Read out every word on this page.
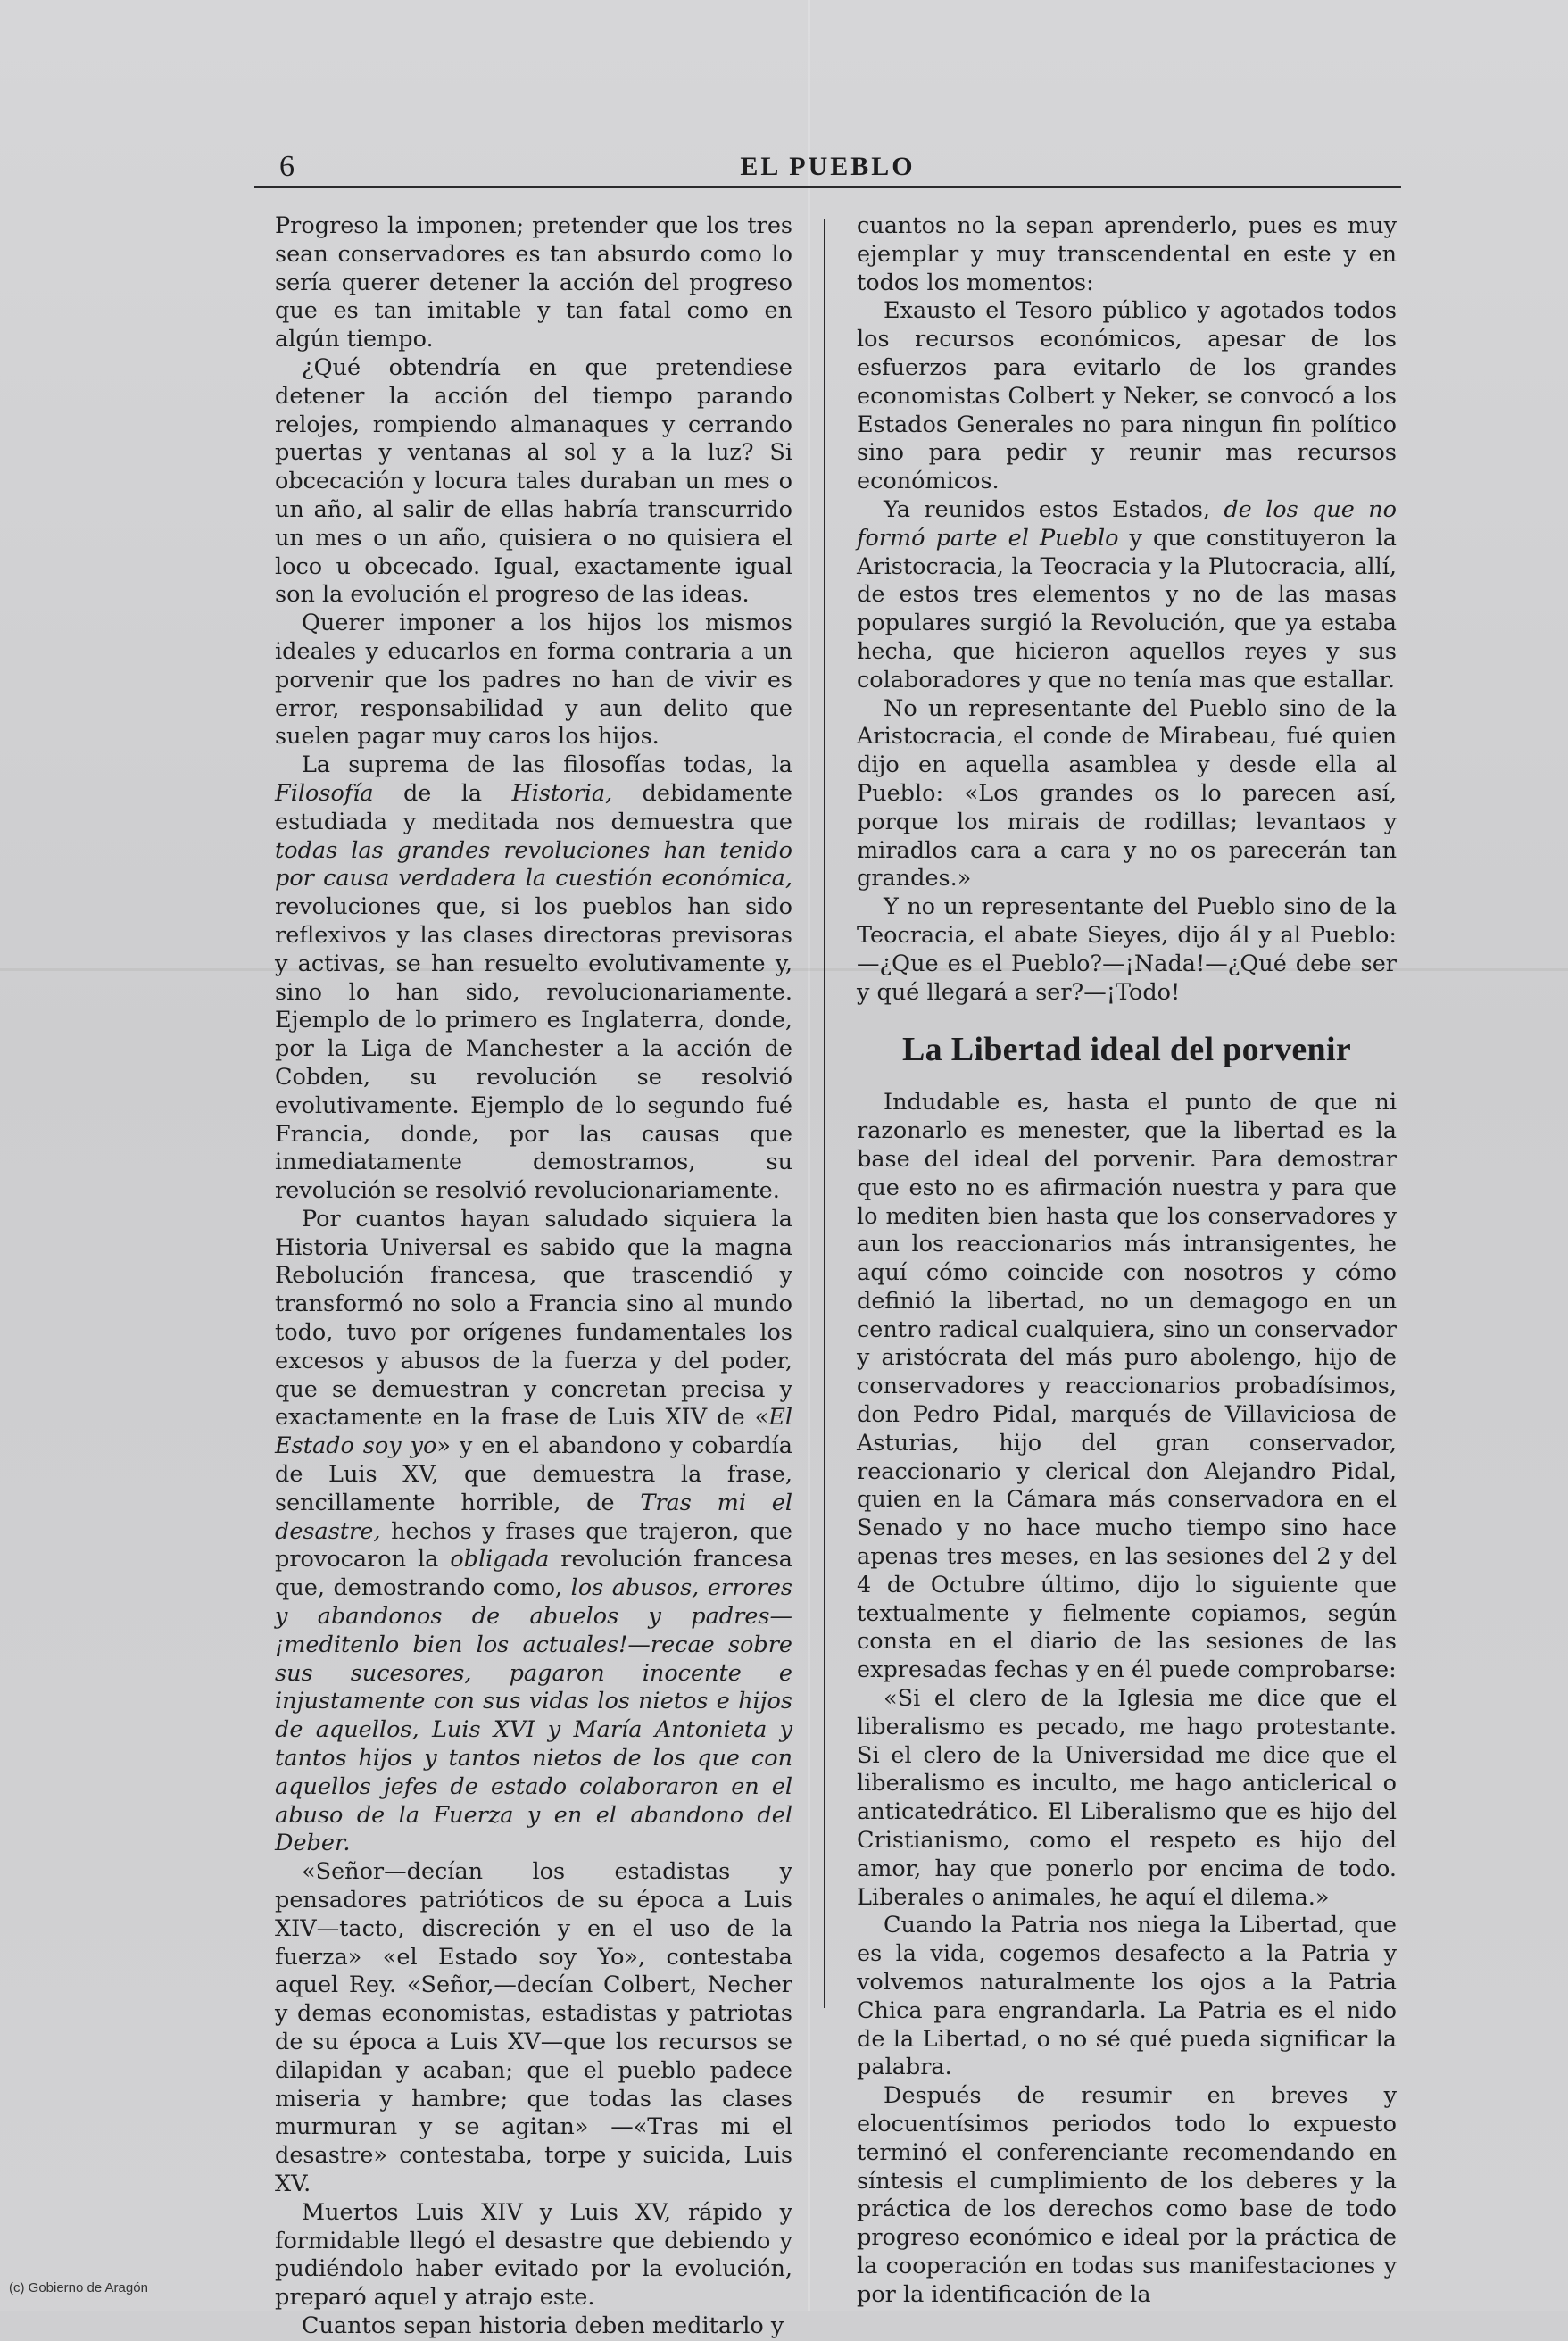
6	EL PUEBLO

Progreso la imponen; pretender que los tres sean conservadores es tan absurdo como lo sería querer detener la acción del progreso que es tan imitable y tan fatal como en algún tiempo.

¿Qué obtendría en que pretendiese detener la acción del tiempo parando relojes, rompiendo almanaques y cerrando puertas y ventanas al sol y a la luz? Si obcecación y locura tales duraban un mes o un año, al salir de ellas habría transcurrido un mes o un año, quisiera o no quisiera el loco u obcecado. Igual, exactamente igual son la evolución el progreso de las ideas.

Querer imponer a los hijos los mismos ideales y educarlos en forma contraria a un porvenir que los padres no han de vivir es error, responsabilidad y aun delito que suelen pagar muy caros los hijos.

La suprema de las filosofías todas, la Filosofía de la Historia, debidamente estudiada y meditada nos demuestra que todas las grandes revoluciones han tenido por causa verdadera la cuestión económica, revoluciones que, si los pueblos han sido reflexivos y las clases directoras previsoras y activas, se han resuelto evolutivamente y, sino lo han sido, revolucionariamente. Ejemplo de lo primero es Inglaterra, donde, por la Liga de Manchester a la acción de Cobden, su revolución se resolvió evolutivamente. Ejemplo de lo segundo fué Francia, donde, por las causas que inmediatamente demostramos, su revolución se resolvió revolucionariamente.

Por cuantos hayan saludado siquiera la Historia Universal es sabido que la magna Rebolución francesa, que trascendió y transformó no solo a Francia sino al mundo todo, tuvo por orígenes fundamentales los excesos y abusos de la fuerza y del poder, que se demuestran y concretan precisa y exactamente en la frase de Luis XIV de «El Estado soy yo» y en el abandono y cobardía de Luis XV, que demuestra la frase, sencillamente horrible, de Tras mi el desastre, hechos y frases que trajeron, que provocaron la obligada revolución francesa que, demostrando como, los abusos, errores y abandonos de abuelos y padres—¡meditenlo bien los actuales!—recae sobre sus sucesores, pagaron inocente e injustamente con sus vidas los nietos e hijos de aquellos, Luis XVI y María Antonieta y tantos hijos y tantos nietos de los que con aquellos jefes de estado colaboraron en el abuso de la Fuerza y en el abandono del Deber.

«Señor—decían los estadistas y pensadores patrióticos de su época a Luis XIV—tacto, discreción y en el uso de la fuerza» «el Estado soy Yo», contestaba aquel Rey. «Señor,—decían Colbert, Necher y demas economistas, estadistas y patriotas de su época a Luis XV—que los recursos se dilapidan y acaban; que el pueblo padece miseria y hambre; que todas las clases murmuran y se agitan» —«Tras mi el desastre» contestaba, torpe y suicida, Luis XV.

Muertos Luis XIV y Luis XV, rápido y formidable llegó el desastre que debiendo y pudiéndolo haber evitado por la evolución, preparó aquel y atrajo este.

Cuantos sepan historia deben meditarlo y

cuantos no la sepan aprenderlo, pues es muy ejemplar y muy transcendental en este y en todos los momentos:

Exausto el Tesoro público y agotados todos los recursos económicos, apesar de los esfuerzos para evitarlo de los grandes economistas Colbert y Neker, se convocó a los Estados Generales no para ningun fin político sino para pedir y reunir mas recursos económicos.

Ya reunidos estos Estados, de los que no formó parte el Pueblo y que constituyeron la Aristocracia, la Teocracia y la Plutocracia, allí, de estos tres elementos y no de las masas populares surgió la Revolución, que ya estaba hecha, que hicieron aquellos reyes y sus colaboradores y que no tenía mas que estallar.

No un representante del Pueblo sino de la Aristocracia, el conde de Mirabeau, fué quien dijo en aquella asamblea y desde ella al Pueblo: «Los grandes os lo parecen así, porque los mirais de rodillas; levantaos y miradlos cara a cara y no os parecerán tan grandes.»

Y no un representante del Pueblo sino de la Teocracia, el abate Sieyes, dijo ál y al Pueblo: —¿Que es el Pueblo?—¡Nada!—¿Qué debe ser y qué llegará a ser?—¡Todo!

La Libertad ideal del porvenir

Indudable es, hasta el punto de que ni razonarlo es menester, que la libertad es la base del ideal del porvenir. Para demostrar que esto no es afirmación nuestra y para que lo mediten bien hasta que los conservadores y aun los reaccionarios más intransigentes, he aquí cómo coincide con nosotros y cómo definió la libertad, no un demagogo en un centro radical cualquiera, sino un conservador y aristócrata del más puro abolengo, hijo de conservadores y reaccionarios probadísimos, don Pedro Pidal, marqués de Villaviciosa de Asturias, hijo del gran conservador, reaccionario y clerical don Alejandro Pidal, quien en la Cámara más conservadora en el Senado y no hace mucho tiempo sino hace apenas tres meses, en las sesiones del 2 y del 4 de Octubre último, dijo lo siguiente que textualmente y fielmente copiamos, según consta en el diario de las sesiones de las expresadas fechas y en él puede comprobarse:

«Si el clero de la Iglesia me dice que el liberalismo es pecado, me hago protestante. Si el clero de la Universidad me dice que el liberalismo es inculto, me hago anticlerical o anticatedrático. El Liberalismo que es hijo del Cristianismo, como el respeto es hijo del amor, hay que ponerlo por encima de todo. Liberales o animales, he aquí el dilema.»

Cuando la Patria nos niega la Libertad, que es la vida, cogemos desafecto a la Patria y volvemos naturalmente los ojos a la Patria Chica para engrandarla. La Patria es el nido de la Libertad, o no sé qué pueda significar la palabra.

Después de resumir en breves y elocuentísimos periodos todo lo expuesto terminó el conferenciante recomendando en síntesis el cumplimiento de los deberes y la práctica de los derechos como base de todo progreso económico e ideal por la práctica de la cooperación en todas sus manifestaciones y por la identificación de la

(c) Gobierno de Aragón
